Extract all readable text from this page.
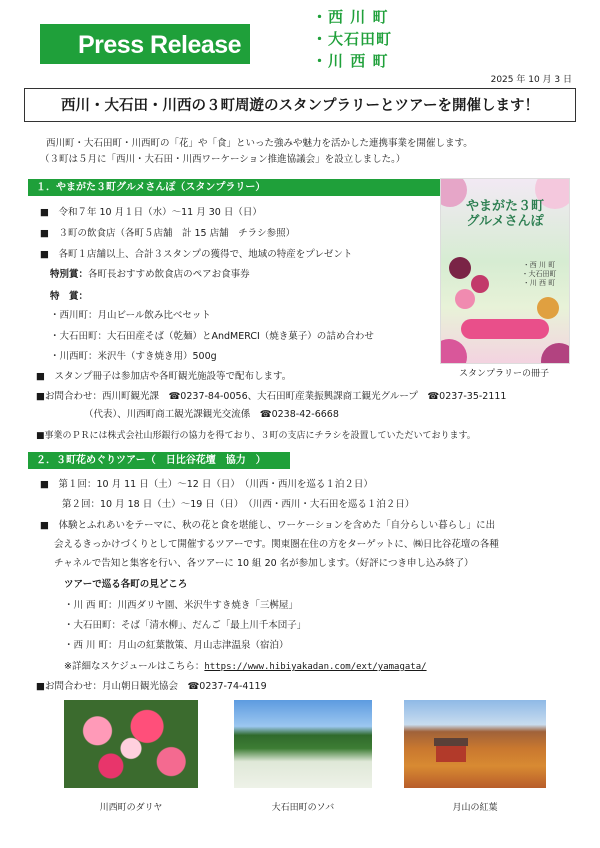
Press Release
・西 川 町
・大石田町
・川 西 町
2025 年 10 月 3 日
西川・大石田・川西の３町周遊のスタンプラリーとツアーを開催します！
西川町・大石田町・川西町の「花」や「食」といった強みや魅力を活かした連携事業を開催します。
（３町は５月に「西川・大石田・川西ワーケーション推進協議会」を設立しました。）
１．やまがた３町グルメさんぽ（スタンプラリー）
■　令和７年 10 月１日（水）～11 月 30 日（日）
■　３町の飲食店（各町５店舗　計 15 店舗　チラシ参照）
■　各町１店舗以上、合計３スタンプの獲得で、地域の特産をプレゼント
特別賞：各町長おすすめ飲食店のペアお食事券
特　賞：
・西川町：月山ビール飲み比べセット
・大石田町：大石田産そば（乾麺）とAndMERCI（焼き菓子）の詰め合わせ
・川西町：米沢牛（すき焼き用）500g
■　スタンプ冊子は参加店や各町観光施設等で配布します。
■お問合わせ：西川町観光課　☎0237-84-0056、大石田町産業振興課商工観光グループ　☎0237-35-2111
（代表）、川西町商工観光課観光交流係　☎0238-42-6668
■事業のＰＲには株式会社山形銀行の協力を得ており、３町の支店にチラシを設置していただいております。
やまがた３町
グルメさんぽ
・西 川 町
・大石田町
・川 西 町
スタンプラリーの冊子
２．３町花めぐりツアー（　日比谷花壇　協力　）
■　第１回：10 月 11 日（土）～12 日（日）　（川西・西川を巡る１泊２日）
第２回：10 月 18 日（土）～19 日（日）　（川西・西川・大石田を巡る１泊２日）
■　体験とふれあいをテーマに、秋の花と食を堪能し、ワーケーションを含めた「自分らしい暮らし」に出
会えるきっかけづくりとして開催するツアーです。関東圏在住の方をターゲットに、㈱日比谷花壇の各種
チャネルで告知と集客を行い、各ツアーに 10 組 20 名が参加します。（好評につき申し込み終了）
ツアーで巡る各町の見どころ
・川 西 町：川西ダリヤ園、米沢牛すき焼き「三桝屋」
・大石田町：そば「清水柳」、だんご「最上川千本団子」
・西 川 町：月山の紅葉散策、月山志津温泉（宿泊）
※詳細なスケジュールはこちら：https://www.hibiyakadan.com/ext/yamagata/
■お問合わせ：月山朝日観光協会　☎0237-74-4119
川西町のダリヤ	大石田町のソバ	月山の紅葉
